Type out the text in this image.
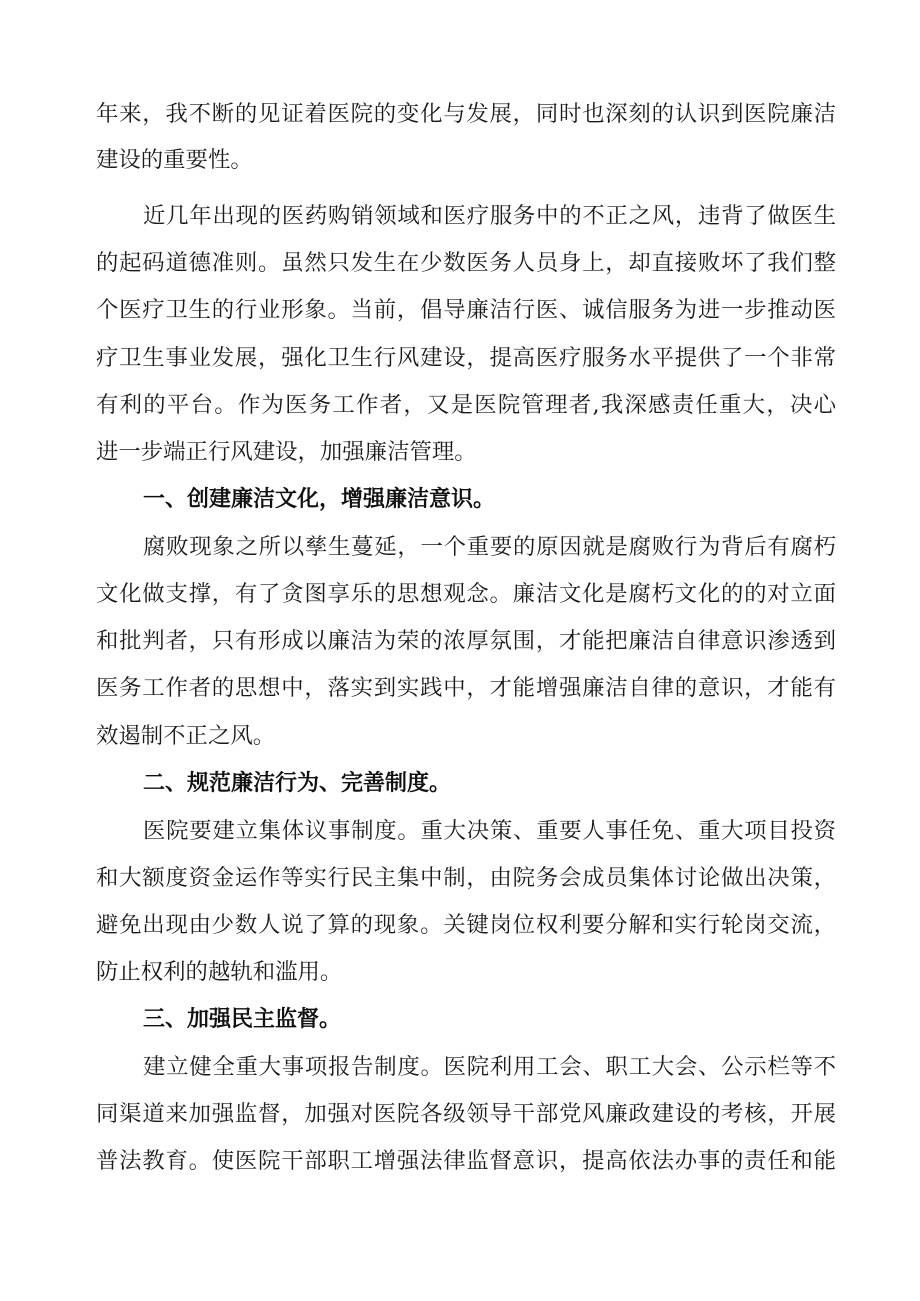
年来，我不断的见证着医院的变化与发展，同时也深刻的认识到医院廉洁
建设的重要性。
近几年出现的医药购销领域和医疗服务中的不正之风，违背了做医生
的起码道德准则。虽然只发生在少数医务人员身上，却直接败坏了我们整
个医疗卫生的行业形象。当前，倡导廉洁行医、诚信服务为进一步推动医
疗卫生事业发展，强化卫生行风建设，提高医疗服务水平提供了一个非常
有利的平台。作为医务工作者，又是医院管理者,我深感责任重大，决心
进一步端正行风建设，加强廉洁管理。
一、创建廉洁文化，增强廉洁意识。
腐败现象之所以孳生蔓延，一个重要的原因就是腐败行为背后有腐朽
文化做支撑，有了贪图享乐的思想观念。廉洁文化是腐朽文化的的对立面
和批判者，只有形成以廉洁为荣的浓厚氛围，才能把廉洁自律意识渗透到
医务工作者的思想中，落实到实践中，才能增强廉洁自律的意识，才能有
效遏制不正之风。
二、规范廉洁行为、完善制度。
医院要建立集体议事制度。重大决策、重要人事任免、重大项目投资
和大额度资金运作等实行民主集中制，由院务会成员集体讨论做出决策，
避免出现由少数人说了算的现象。关键岗位权利要分解和实行轮岗交流，
防止权利的越轨和滥用。
三、加强民主监督。
建立健全重大事项报告制度。医院利用工会、职工大会、公示栏等不
同渠道来加强监督，加强对医院各级领导干部党风廉政建设的考核，开展
普法教育。使医院干部职工增强法律监督意识，提高依法办事的责任和能
